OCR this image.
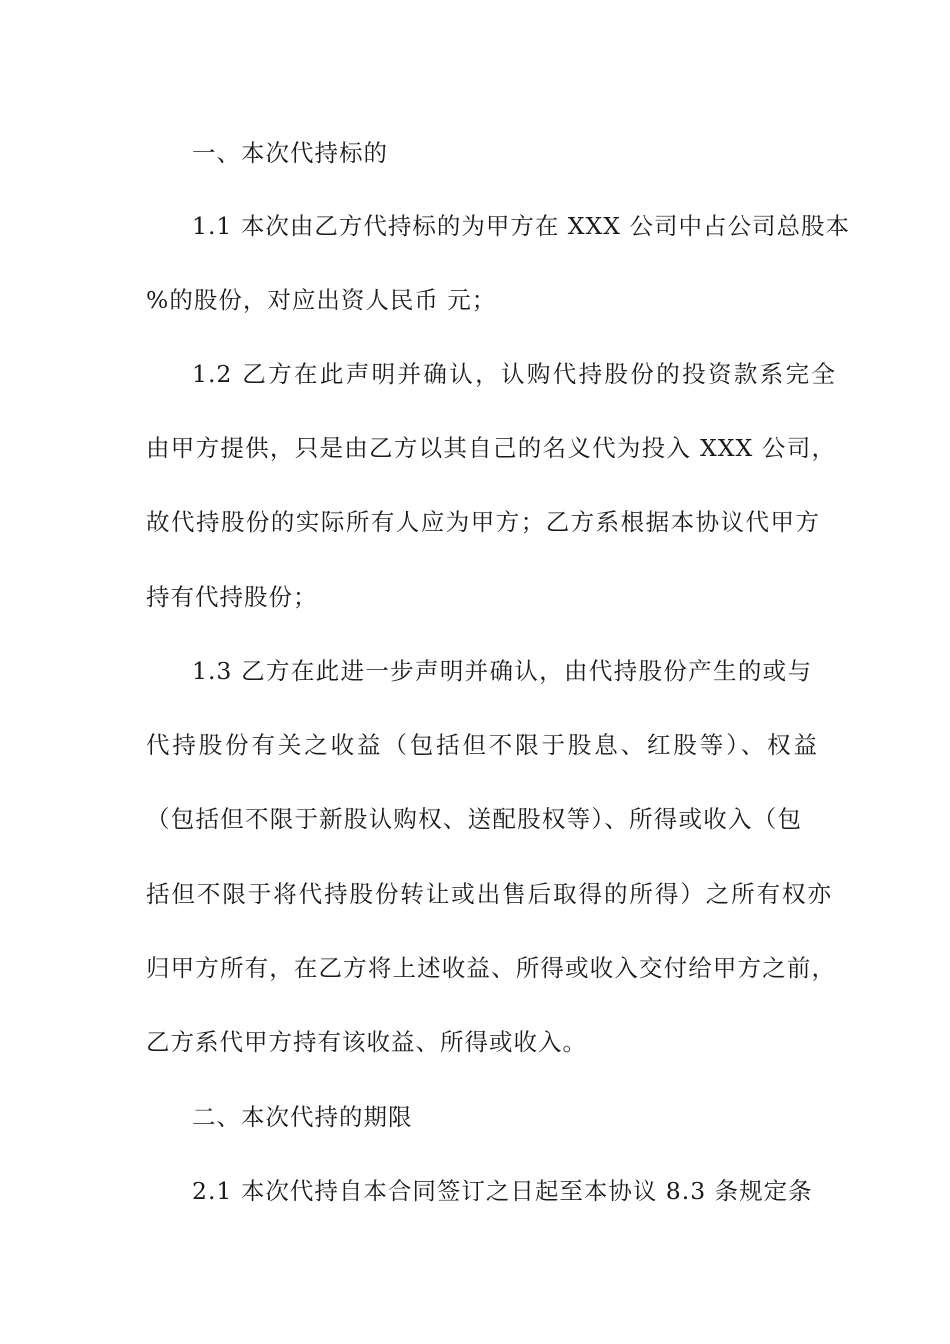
一、本次代持标的
1.1 本次由乙方代持标的为甲方在 XXX 公司中占公司总股本
%的股份，对应出资人民币 元；
1.2 乙方在此声明并确认，认购代持股份的投资款系完全
由甲方提供，只是由乙方以其自己的名义代为投入 XXX 公司，
故代持股份的实际所有人应为甲方；乙方系根据本协议代甲方
持有代持股份；
1.3 乙方在此进一步声明并确认，由代持股份产生的或与
代持股份有关之收益（包括但不限于股息、红股等）、权益
（包括但不限于新股认购权、送配股权等）、所得或收入（包
括但不限于将代持股份转让或出售后取得的所得）之所有权亦
归甲方所有，在乙方将上述收益、所得或收入交付给甲方之前，
乙方系代甲方持有该收益、所得或收入。
二、本次代持的期限
2.1 本次代持自本合同签订之日起至本协议 8.3 条规定条
